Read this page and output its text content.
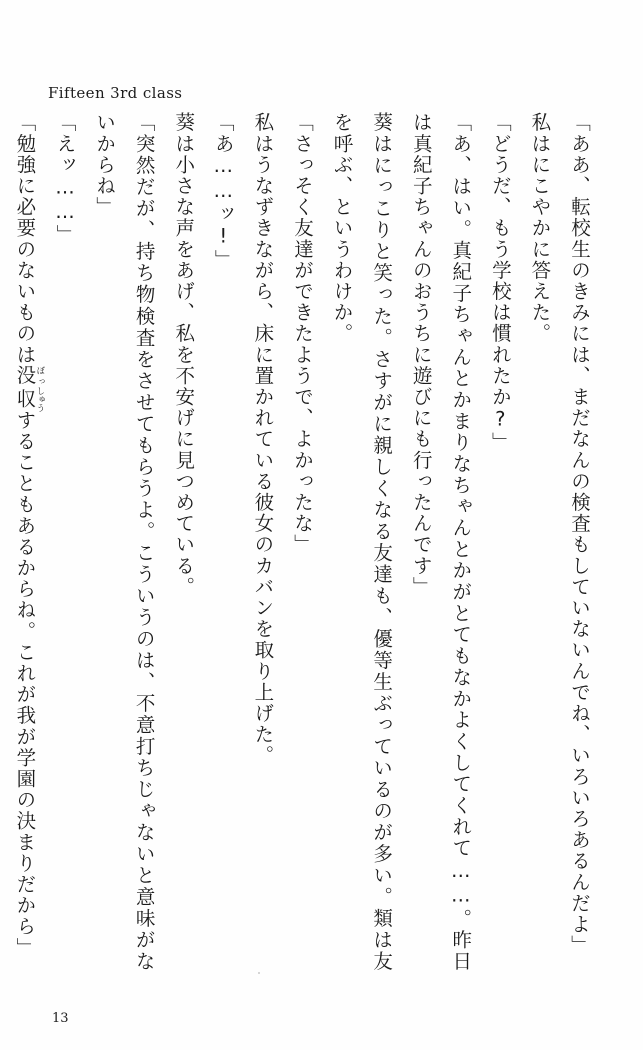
Fifteen 3rd class

「ああ、転校生のきみには、まだなんの検査もしていないんでね、いろいろあるんだよ」

私はにこやかに答えた。

「どうだ、もう学校は慣れたか?」

「あ、はい。真紀子ちゃんとかまりなちゃんとかがとてもなかよくしてくれて……。昨日は真紀子ちゃんのおうちに遊びにも行ったんです」

葵はにっこりと笑った。さすがに親しくなる友達も、優等生ぶっているのが多い。類は友を呼ぶ、というわけか。

「さっそく友達ができたようで、よかったな」

私はうなずきながら、床に置かれている彼女のカバンを取り上げた。

「あ……ッ!」

葵は小さな声をあげ、私を不安げに見つめている。

「突然だが、持ち物検査をさせてもらうよ。こういうのは、不意打ちじゃないと意味がないからね」

「えッ……」

「勉強に必要のないものは没ぼっ収しゅうすることもあるからね。これが我が学園の決まりだから」

13
